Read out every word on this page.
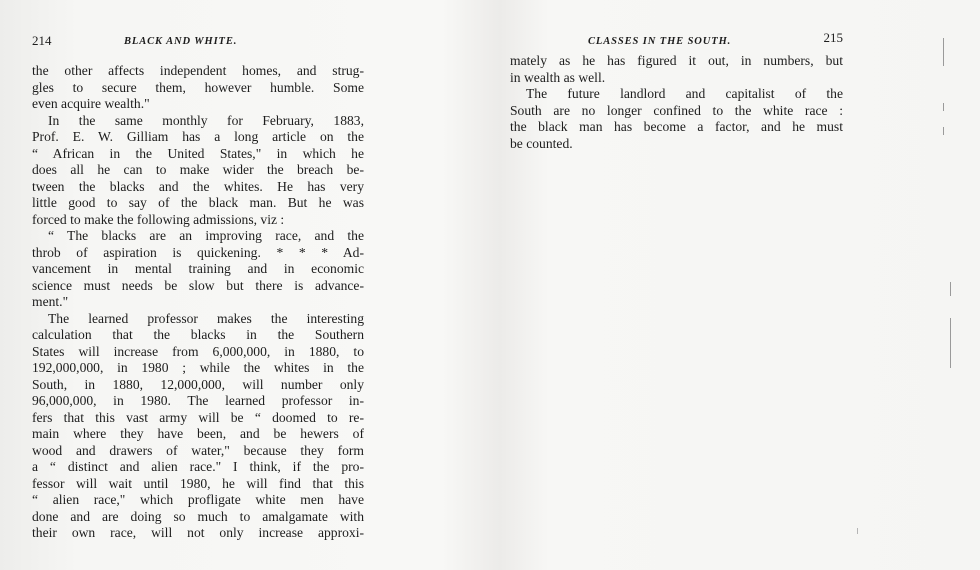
214	BLACK AND WHITE.
the other affects independent homes, and strug-
gles to secure them, however humble. Some
even acquire wealth."
In the same monthly for February, 1883,
Prof. E. W. Gilliam has a long article on the
“ African in the United States," in which he
does all he can to make wider the breach be-
tween the blacks and the whites. He has very
little good to say of the black man. But he was
forced to make the following admissions, viz :
“ The blacks are an improving race, and the
throb of aspiration is quickening. * * * Ad-
vancement in mental training and in economic
science must needs be slow but there is advance-
ment."
The learned professor makes the interesting
calculation that the blacks in the Southern
States will increase from 6,000,000, in 1880, to
192,000,000, in 1980 ; while the whites in the
South, in 1880, 12,000,000, will number only
96,000,000, in 1980. The learned professor in-
fers that this vast army will be “ doomed to re-
main where they have been, and be hewers of
wood and drawers of water," because they form
a “ distinct and alien race." I think, if the pro-
fessor will wait until 1980, he will find that this
“ alien race," which profligate white men have
done and are doing so much to amalgamate with
their own race, will not only increase approxi-
CLASSES IN THE SOUTH.	215
mately as he has figured it out, in numbers, but
in wealth as well.
The future landlord and capitalist of the
South are no longer confined to the white race :
the black man has become a factor, and he must
be counted.
